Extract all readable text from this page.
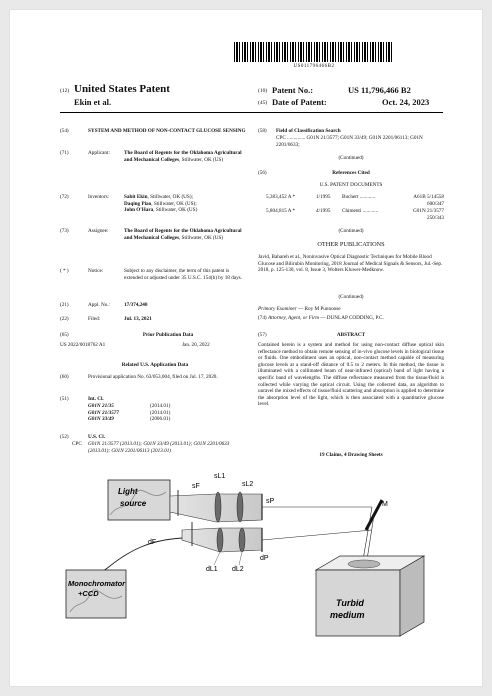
US011796466B2
(12) United States Patent
Ekin et al.
(10) Patent No.:	US 11,796,466 B2
(45) Date of Patent:	Oct. 24, 2023
(54)	SYSTEM AND METHOD OF NON-CONTACT GLUCOSE SENSING
(71)	Applicant:	The Board of Regents for the Oklahoma Agricultural and Mechanical Colleges, Stillwater, OK (US)
(72)	Inventors:	Sabit Ekin, Stillwater, OK (US);
Daqing Piao, Stillwater, OK (US);
John O'Hara, Stillwater, OK (US)
(73)	Assignee:	The Board of Regents for the Oklahoma Agricultural and Mechanical Colleges, Stillwater, OK (US)
( * )	Notice:	Subject to any disclaimer, the term of this patent is extended or adjusted under 35 U.S.C. 154(b) by 18 days.
(21)	Appl. No.:	17/374,240
(22)	Filed:	Jul. 13, 2021
(65)	Prior Publication Data
US 2022/0018762 A1	Jan. 20, 2022
Related U.S. Application Data
(60)	Provisional application No. 63/053,004, filed on Jul. 17, 2020.
(51)	Int. Cl.
G01N 21/35	(2014.01)
G01N 21/3577	(2014.01)
G01N 33/49	(2006.01)
(52)	U.S. Cl.
CPC G01N 21/3577 (2013.01); G01N 33/49 (2013.01); G01N 2201/0633 (2013.01); G01N 2201/06113 (2013.01)
(58) Field of Classification Search
CPC .............. G01N 21/3577; G01N 33/49; G01N 2201/06113; G01N 2201/0633;
(Continued)
(56)	References Cited
U.S. PATENT DOCUMENTS
5,383,452 A *	1/1995	Buchert ............	A61B 5/14558 600/347
5,804,815 A *	4/1995	Chimenti ............	G01N 21/3577 250/343
(Continued)
OTHER PUBLICATIONS
Javid, Bahareh et al., Noninvasive Optical Diagnostic Techniques for Mobile Blood Glucose and Bilirubin Monitoring, 2018 Journal of Medical Signals & Sensors, Jul.-Sep. 2018, p. 125-130, vol. 8, Issue 3, Wolters Kluwer-Medknow.
(Continued)
Primary Examiner — Roy M Punnoose
(74) Attorney, Agent, or Firm — DUNLAP CODDING, P.C.
(57)	ABSTRACT
Contained herein is a system and method for using non-contact diffuse optical skin reflectance method to obtain remote sensing of in-vivo glucose levels in biological tissue or fluids. One embodiment uses an optical, non-contact method capable of measuring glucose levels at a stand-off distance of 0.5 to 2 meters. In this method, the tissue is illuminated with a collimated beam of near-infrared (optical) band of light having a specific band of wavelengths. The diffuse reflectance measured from the tissue/fluid is collected while varying the optical circuit. Using the collected data, an algorithm to unravel the mixed effects of tissue/fluid scattering and absorption is applied to determine the absorption level of the light, which is then associated with a quantitative glucose level.
19 Claims, 4 Drawing Sheets
Light
source
sF
sL1
sL2
sP
dP
dL1 dL2
dF
Monochromator
+CCD
M
Turbid
medium
